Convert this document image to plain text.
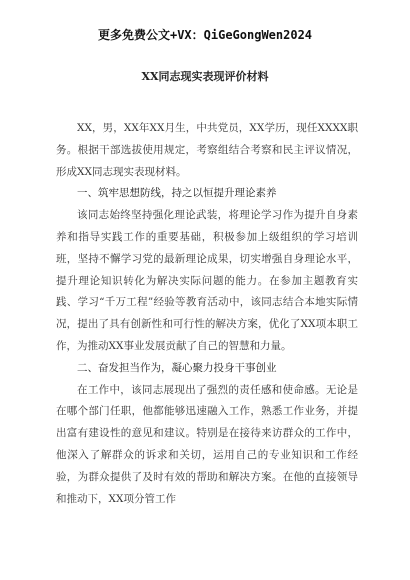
更多免费公文+VX：QiGeGongWen2024
XX同志现实表现评价材料

XX，男，XX年XX月生，中共党员，XX学历，现任XXXX职务。根据干部选拔使用规定，考察组结合考察和民主评议情况，形成XX同志现实表现材料。

一、筑牢思想防线，持之以恒提升理论素养

该同志始终坚持强化理论武装，将理论学习作为提升自身素养和指导实践工作的重要基础，积极参加上级组织的学习培训班，坚持不懈学习党的最新理论成果，切实增强自身理论水平，提升理论知识转化为解决实际问题的能力。在参加主题教育实践、学习“千万工程”经验等教育活动中，该同志结合本地实际情况，提出了具有创新性和可行性的解决方案，优化了XX项本职工作，为推动XX事业发展贡献了自己的智慧和力量。

二、奋发担当作为，凝心聚力投身干事创业

在工作中，该同志展现出了强烈的责任感和使命感。无论是在哪个部门任职，他都能够迅速融入工作，熟悉工作业务，并提出富有建设性的意见和建议。特别是在接待来访群众的工作中，他深入了解群众的诉求和关切，运用自己的专业知识和工作经验，为群众提供了及时有效的帮助和解决方案。在他的直接领导和推动下，XX项分管工作
